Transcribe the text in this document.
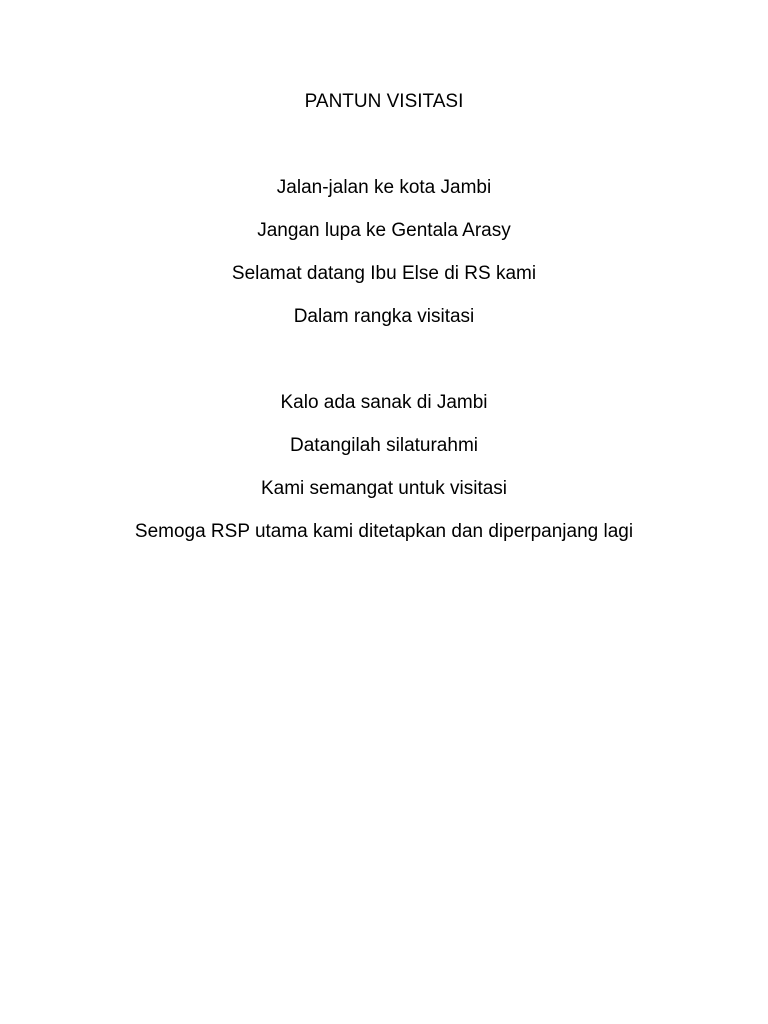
PANTUN VISITASI
Jalan-jalan ke kota Jambi
Jangan lupa ke Gentala Arasy
Selamat datang Ibu Else di RS kami
Dalam rangka visitasi
Kalo ada sanak di Jambi
Datangilah silaturahmi
Kami semangat untuk visitasi
Semoga RSP utama kami ditetapkan dan diperpanjang lagi
